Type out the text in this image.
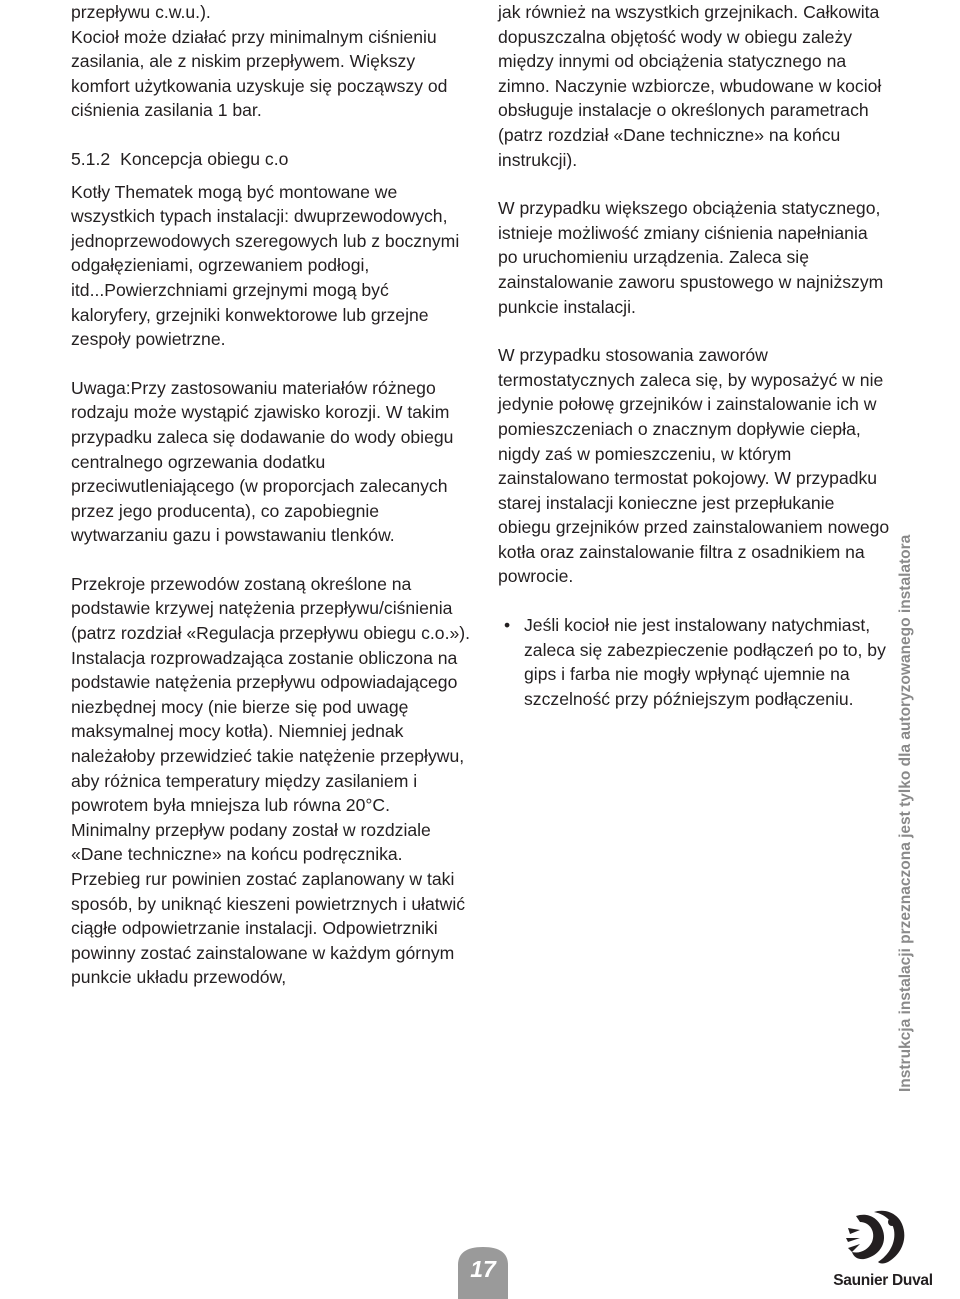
przepływu c.w.u.).
Kocioł może działać przy minimalnym ciśnieniu zasilania, ale z niskim przepływem. Większy komfort użytkowania uzyskuje się począwszy od ciśnienia zasilania 1 bar.

5.1.2 Koncepcja obiegu c.o

Kotły Thematek mogą być montowane we wszystkich typach instalacji: dwuprzewodowych, jednoprzewodowych szeregowych lub z bocznymi odgałęzieniami, ogrzewaniem podłogi, itd...Powierzchniami grzejnymi mogą być kaloryfery, grzejniki konwektorowe lub grzejne zespoły powietrzne.

Uwaga:Przy zastosowaniu materiałów różnego rodzaju może wystąpić zjawisko korozji. W takim przypadku zaleca się dodawanie do wody obiegu centralnego ogrzewania dodatku przeciwutleniającego (w proporcjach zalecanych przez jego producenta), co zapobiegnie wytwarzaniu gazu i powstawaniu tlenków.

Przekroje przewodów zostaną określone na podstawie krzywej natężenia przepływu/ciśnienia (patrz rozdział «Regulacja przepływu obiegu c.o.»). Instalacja rozprowadzająca zostanie obliczona na podstawie natężenia przepływu odpowiadającego niezbędnej mocy (nie bierze się pod uwagę maksymalnej mocy kotła). Niemniej jednak należałoby przewidzieć takie natężenie przepływu, aby różnica temperatury między zasilaniem i powrotem była mniejsza lub równa 20°C. Minimalny przepływ podany został w rozdziale «Dane techniczne» na końcu podręcznika. Przebieg rur powinien zostać zaplanowany w taki sposób, by uniknąć kieszeni powietrznych i ułatwić ciągłe odpowietrzanie instalacji. Odpowietrzniki powinny zostać zainstalowane w każdym górnym punkcie układu przewodów,

jak również na wszystkich grzejnikach. Całkowita dopuszczalna objętość wody w obiegu zależy między innymi od obciążenia statycznego na zimno. Naczynie wzbiorcze, wbudowane w kocioł obsługuje instalacje o określonych parametrach (patrz rozdział «Dane techniczne» na końcu instrukcji).

W przypadku większego obciążenia statycznego, istnieje możliwość zmiany ciśnienia napełniania po uruchomieniu urządzenia. Zaleca się zainstalowanie zaworu spustowego w najniższym punkcie instalacji.

W przypadku stosowania zaworów termostatycznych zaleca się, by wyposażyć w nie jedynie połowę grzejników i zainstalowanie ich w pomieszczeniach o znacznym dopływie ciepła, nigdy zaś w pomieszczeniu, w którym zainstalowano termostat pokojowy. W przypadku starej instalacji konieczne jest przepłukanie obiegu grzejników przed zainstalowaniem nowego kotła oraz zainstalowanie filtra z osadnikiem na powrocie.

• Jeśli kocioł nie jest instalowany natychmiast, zaleca się zabezpieczenie podłączeń po to, by gips i farba nie mogły wpłynąć ujemnie na szczelność przy późniejszym podłączeniu.	Instrukcja instalacji przeznaczona jest tylko dla autoryzowanego instalatora
17	Saunier Duval
